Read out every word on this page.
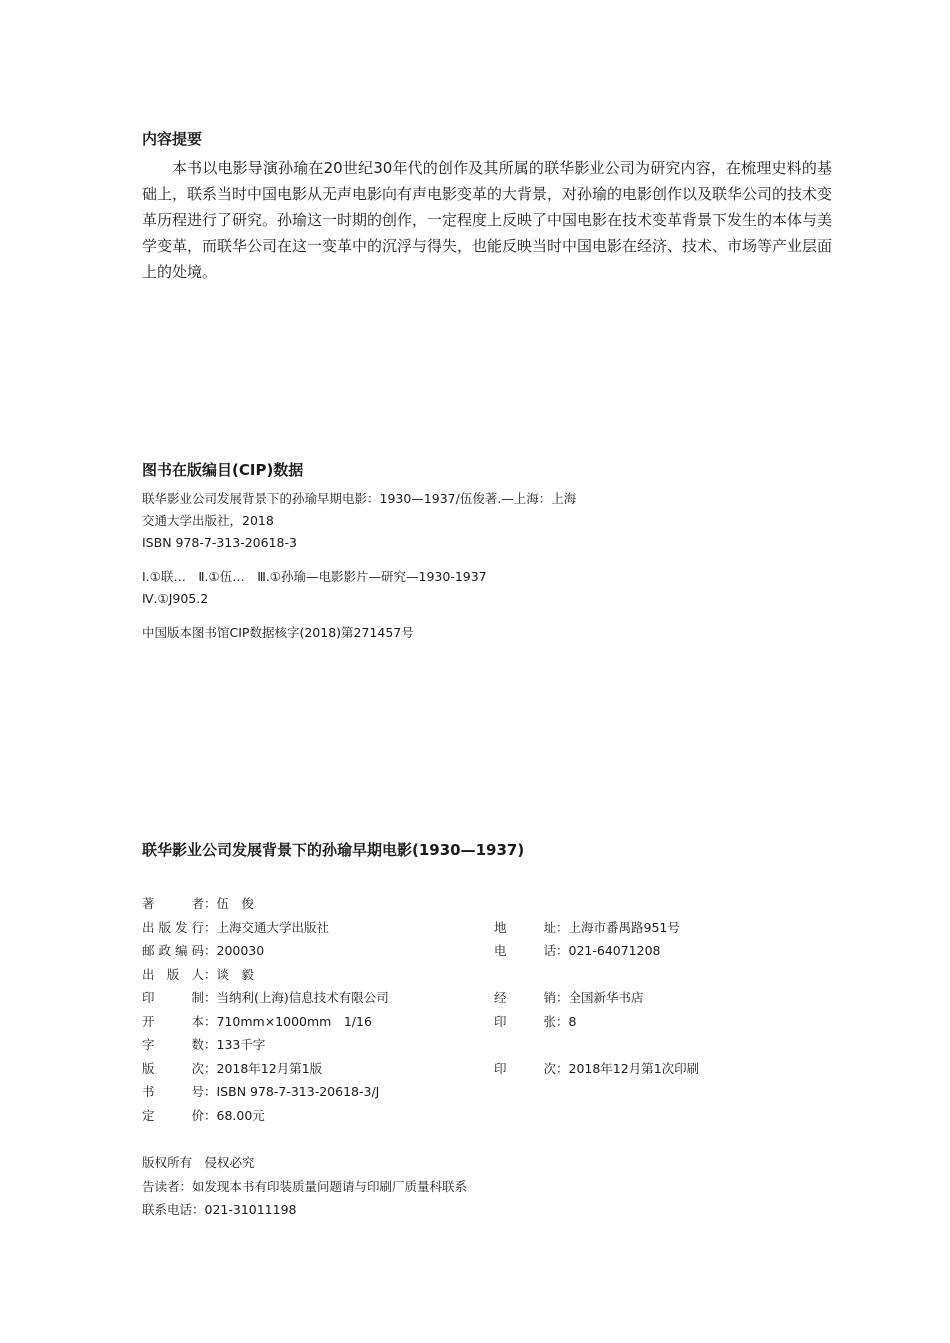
内容提要

本书以电影导演孙瑜在20世纪30年代的创作及其所属的联华影业公司为研究内容，在梳理史料的基础上，联系当时中国电影从无声电影向有声电影变革的大背景，对孙瑜的电影创作以及联华公司的技术变革历程进行了研究。孙瑜这一时期的创作，一定程度上反映了中国电影在技术变革背景下发生的本体与美学变革，而联华公司在这一变革中的沉浮与得失，也能反映当时中国电影在经济、技术、市场等产业层面上的处境。

图书在版编目(CIP)数据
联华影业公司发展背景下的孙瑜早期电影：1930—1937/伍俊著.—上海：上海
交通大学出版社，2018
ISBN 978-7-313-20618-3
Ⅰ.①联…　Ⅱ.①伍…　Ⅲ.①孙瑜—电影影片—研究—1930-1937
Ⅳ.①J905.2
中国版本图书馆CIP数据核字(2018)第271457号
联华影业公司发展背景下的孙瑜早期电影(1930—1937)
著者：伍　俊
出版发行：上海交通大学出版社	地址：上海市番禺路951号
邮政编码：200030	电话：021-64071208
出版人：谈　毅
印制：当纳利(上海)信息技术有限公司	经销：全国新华书店
开本：710mm×1000mm　1/16	印张：8
字数：133千字
版次：2018年12月第1版	印次：2018年12月第1次印刷
书号：ISBN 978-7-313-20618-3/J
定价：68.00元
版权所有　侵权必究
告读者：如发现本书有印装质量问题请与印刷厂质量科联系
联系电话：021-31011198
